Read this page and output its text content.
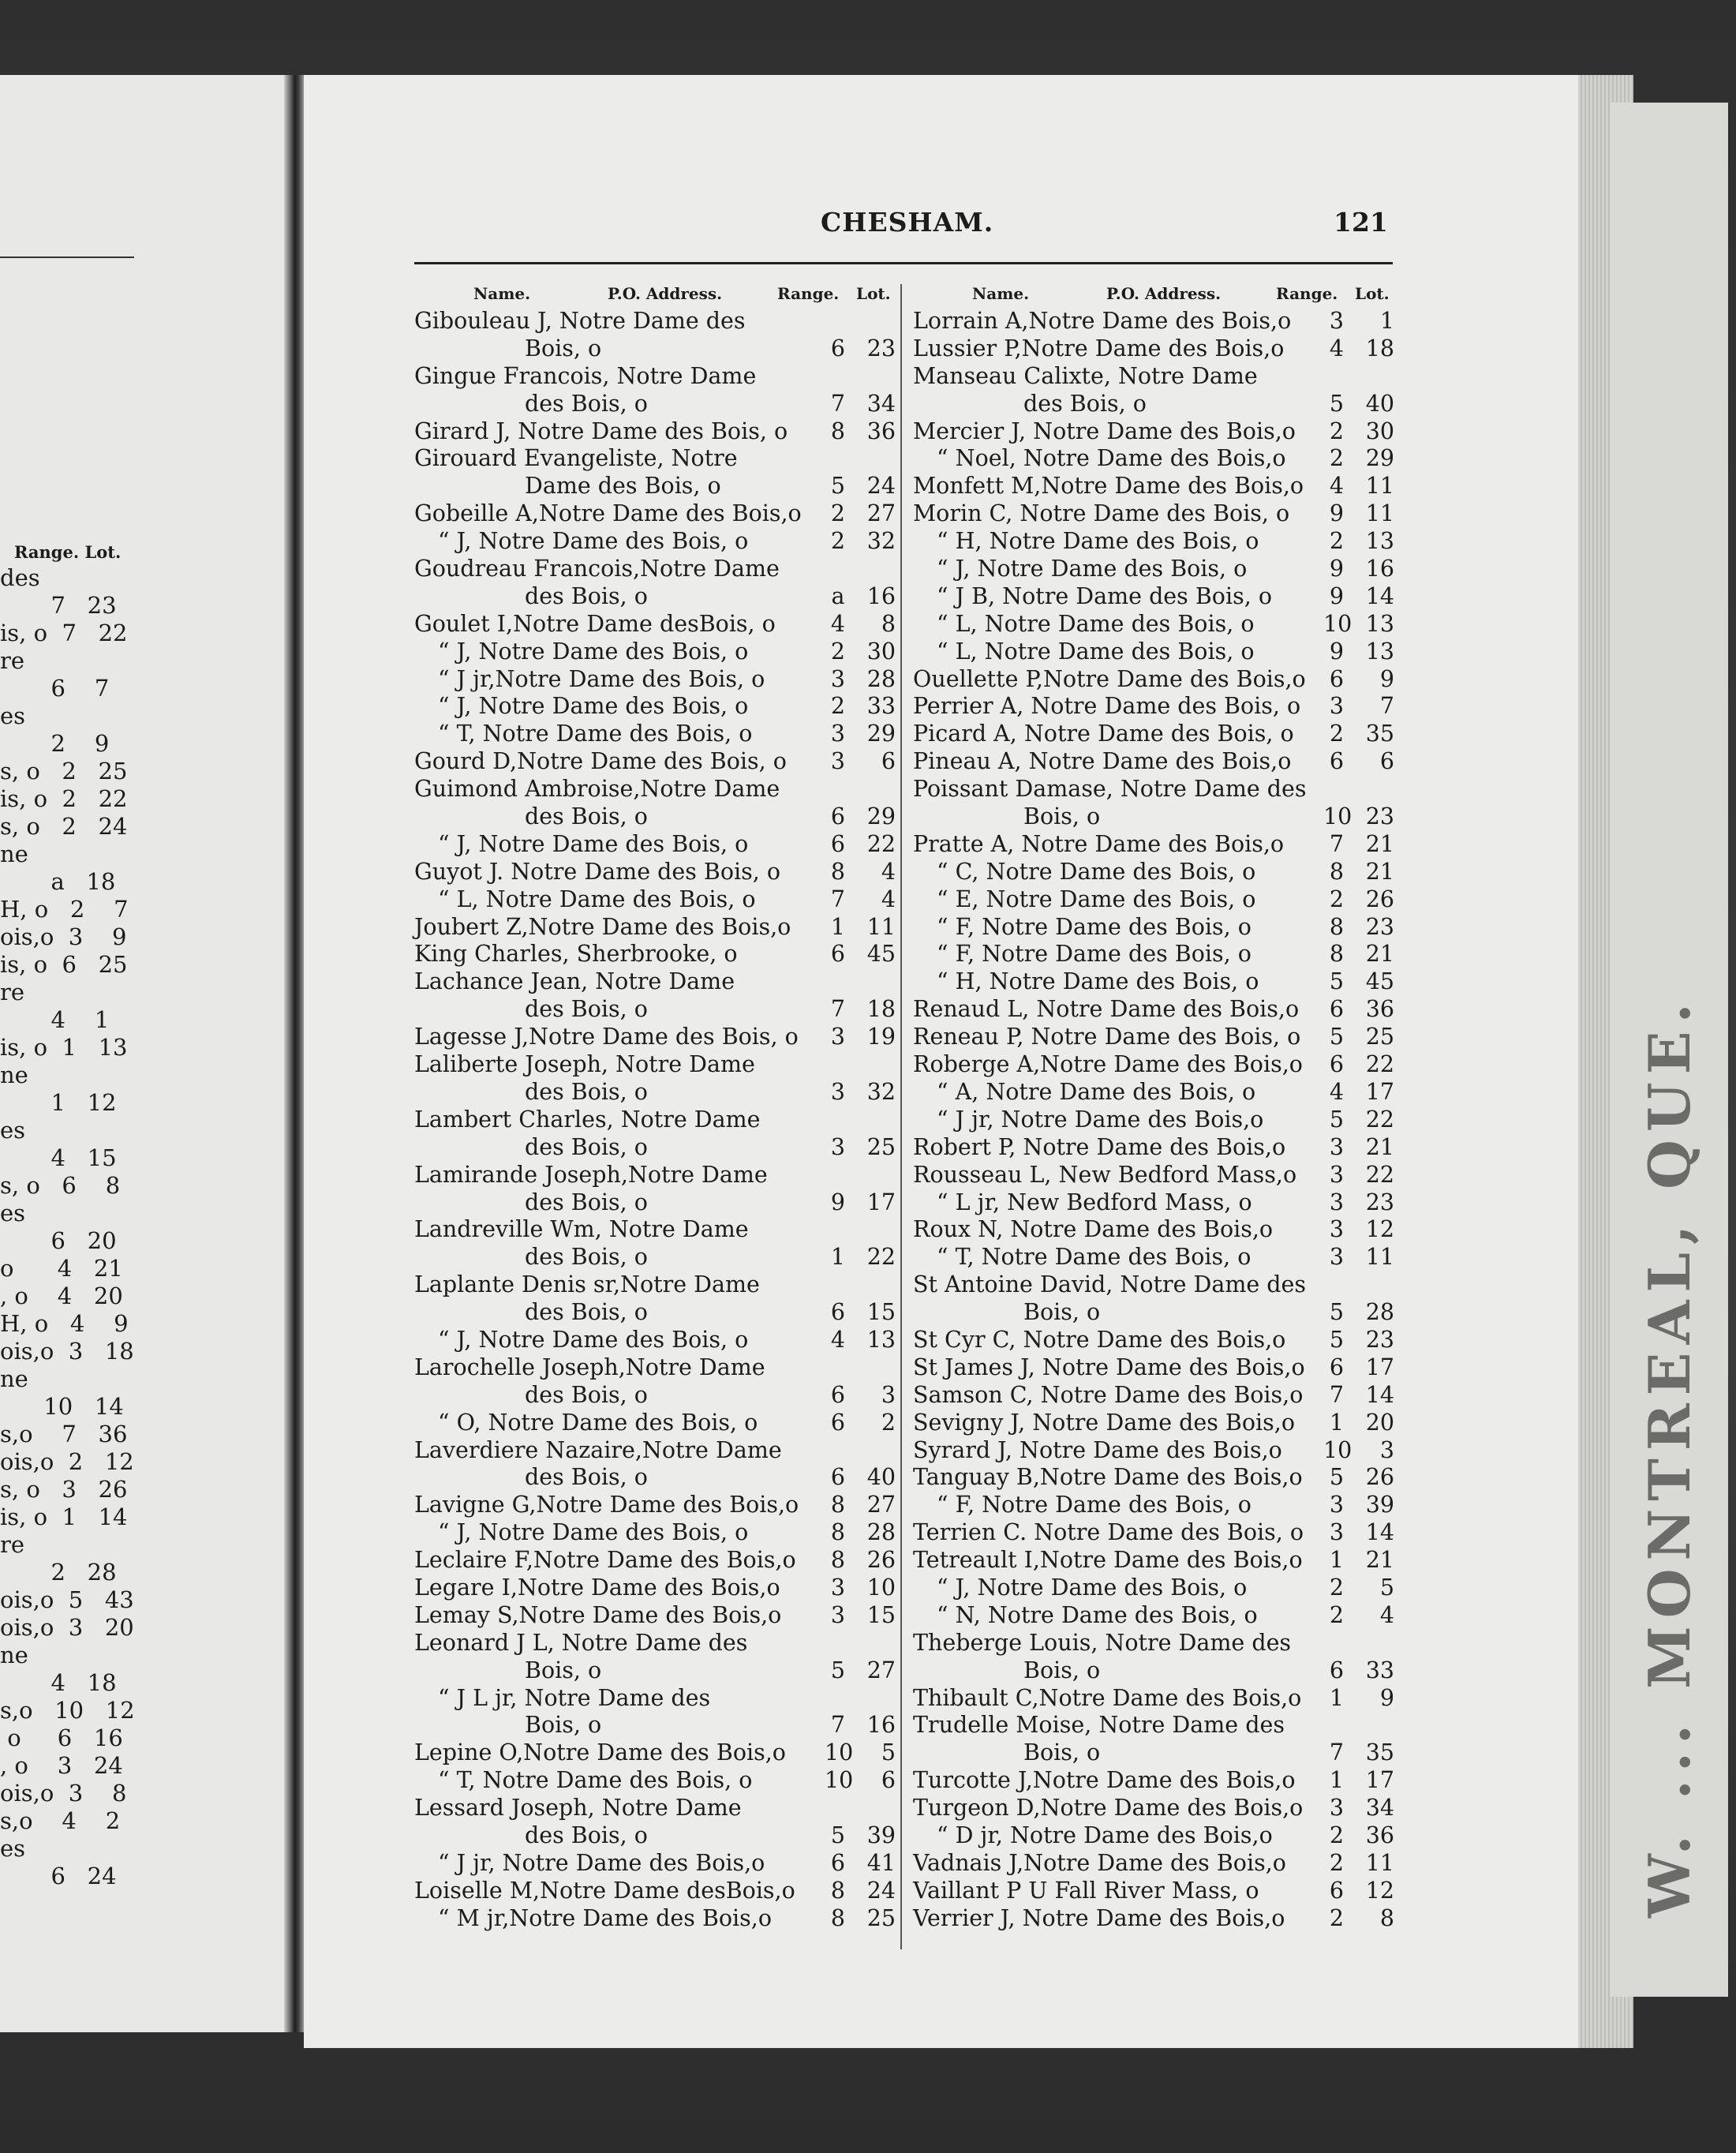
Range. Lot.
des
7   23
is, o  7   22
re
6    7
es
2    9
s, o   2   25
is, o  2   22
s, o   2   24
ne
a   18
H, o   2    7
ois,o  3    9
is, o  6   25
re
4    1
is, o  1   13
ne
1   12
es
4   15
s, o   6    8
es
6   20
o      4   21
, o    4   20
H, o   4    9
ois,o  3   18
ne
10   14
s,o    7   36
ois,o  2   12
s, o   3   26
is, o  1   14
re
2   28
ois,o  5   43
ois,o  3   20
ne
4   18
s,o   10   12
o     6   16
, o    3   24
ois,o  3    8
s,o    4    2
es
6   24	W. ... MONTREAL, QUE.
CHESHAM.	121
Name.	P.O. Address.	Range. Lot.
Gibouleau J, Notre Dame des
Bois, o	6 23
Gingue Francois, Notre Dame
des Bois, o	7 34
Girard J, Notre Dame des Bois, o 8 36
Girouard Evangeliste, Notre
Dame des Bois, o	5 24
Gobeille A,Notre Dame des Bois,o 2 27
“ J, Notre Dame des Bois, o	2 32
Goudreau Francois,Notre Dame
des Bois, o	a 16
Goulet I,Notre Dame desBois, o 4	8
“ J, Notre Dame des Bois, o	2 30
“ J jr,Notre Dame des Bois, o	3 28
“ J, Notre Dame des Bois, o	2 33
“ T, Notre Dame des Bois, o	3 29
Gourd D,Notre Dame des Bois, o 3	6
Guimond Ambroise,Notre Dame
des Bois, o	6 29
“ J, Notre Dame des Bois, o	6 22
Guyot J. Notre Dame des Bois, o 8	4
“ L, Notre Dame des Bois, o	7	4
Joubert Z,Notre Dame des Bois,o 1 11
King Charles, Sherbrooke, o	6 45
Lachance Jean, Notre Dame
des Bois, o	7 18
Lagesse J,Notre Dame des Bois, o 3 19
Laliberte Joseph, Notre Dame
des Bois, o	3 32
Lambert Charles, Notre Dame
des Bois, o	3 25
Lamirande Joseph,Notre Dame
des Bois, o	9 17
Landreville Wm, Notre Dame
des Bois, o	1 22
Laplante Denis sr,Notre Dame
des Bois, o	6 15
“ J, Notre Dame des Bois, o	4 13
Larochelle Joseph,Notre Dame
des Bois, o	6	3
“ O, Notre Dame des Bois, o	6	2
Laverdiere Nazaire,Notre Dame
des Bois, o	6 40
Lavigne G,Notre Dame des Bois,o 8 27
“ J, Notre Dame des Bois, o	8 28
Leclaire F,Notre Dame des Bois,o 8 26
Legare I,Notre Dame des Bois,o 3 10
Lemay S,Notre Dame des Bois,o 3 15
Leonard J L, Notre Dame des
Bois, o	5 27
“ J L jr, Notre Dame des
Bois, o	7 16
Lepine O,Notre Dame des Bois,o 10	5
“ T, Notre Dame des Bois, o	10	6
Lessard Joseph, Notre Dame
des Bois, o	5 39
“ J jr, Notre Dame des Bois,o	6 41
Loiselle M,Notre Dame desBois,o 8 24
“ M jr,Notre Dame des Bois,o	8 25
Name.	P.O. Address.	Range. Lot.
Lorrain A,Notre Dame des Bois,o 3	1
Lussier P,Notre Dame des Bois,o 4 18
Manseau Calixte, Notre Dame
des Bois, o	5 40
Mercier J, Notre Dame des Bois,o 2 30
“ Noel, Notre Dame des Bois,o 2 29
Monfett M,Notre Dame des Bois,o 4 11
Morin C, Notre Dame des Bois, o 9 11
“ H, Notre Dame des Bois, o	2 13
“ J, Notre Dame des Bois, o	9 16
“ J B, Notre Dame des Bois, o	9 14
“ L, Notre Dame des Bois, o	10 13
“ L, Notre Dame des Bois, o	9 13
Ouellette P,Notre Dame des Bois,o 6	9
Perrier A, Notre Dame des Bois, o 3	7
Picard A, Notre Dame des Bois, o 2 35
Pineau A, Notre Dame des Bois,o 6	6
Poissant Damase, Notre Dame des
Bois, o	10 23
Pratte A, Notre Dame des Bois,o 7 21
“ C, Notre Dame des Bois, o	8 21
“ E, Notre Dame des Bois, o	2 26
“ F, Notre Dame des Bois, o	8 23
“ F, Notre Dame des Bois, o	8 21
“ H, Notre Dame des Bois, o	5 45
Renaud L, Notre Dame des Bois,o 6 36
Reneau P, Notre Dame des Bois, o 5 25
Roberge A,Notre Dame des Bois,o 6 22
“ A, Notre Dame des Bois, o	4 17
“ J jr, Notre Dame des Bois,o	5 22
Robert P, Notre Dame des Bois,o 3 21
Rousseau L, New Bedford Mass,o 3 22
“ L jr, New Bedford Mass, o	3 23
Roux N, Notre Dame des Bois,o	3 12
“ T, Notre Dame des Bois, o	3 11
St Antoine David, Notre Dame des
Bois, o	5 28
St Cyr C, Notre Dame des Bois,o 5 23
St James J, Notre Dame des Bois,o 6 17
Samson C, Notre Dame des Bois,o 7 14
Sevigny J, Notre Dame des Bois,o 1 20
Syrard J, Notre Dame des Bois,o 10	3
Tanguay B,Notre Dame des Bois,o 5 26
“ F, Notre Dame des Bois, o	3 39
Terrien C. Notre Dame des Bois, o 3 14
Tetreault I,Notre Dame des Bois,o 1 21
“ J, Notre Dame des Bois, o	2	5
“ N, Notre Dame des Bois, o	2	4
Theberge Louis, Notre Dame des
Bois, o	6 33
Thibault C,Notre Dame des Bois,o 1	9
Trudelle Moise, Notre Dame des
Bois, o	7 35
Turcotte J,Notre Dame des Bois,o 1 17
Turgeon D,Notre Dame des Bois,o 3 34
“ D jr, Notre Dame des Bois,o	2 36
Vadnais J,Notre Dame des Bois,o 2 11
Vaillant P U Fall River Mass, o	6 12
Verrier J, Notre Dame des Bois,o 2	8
